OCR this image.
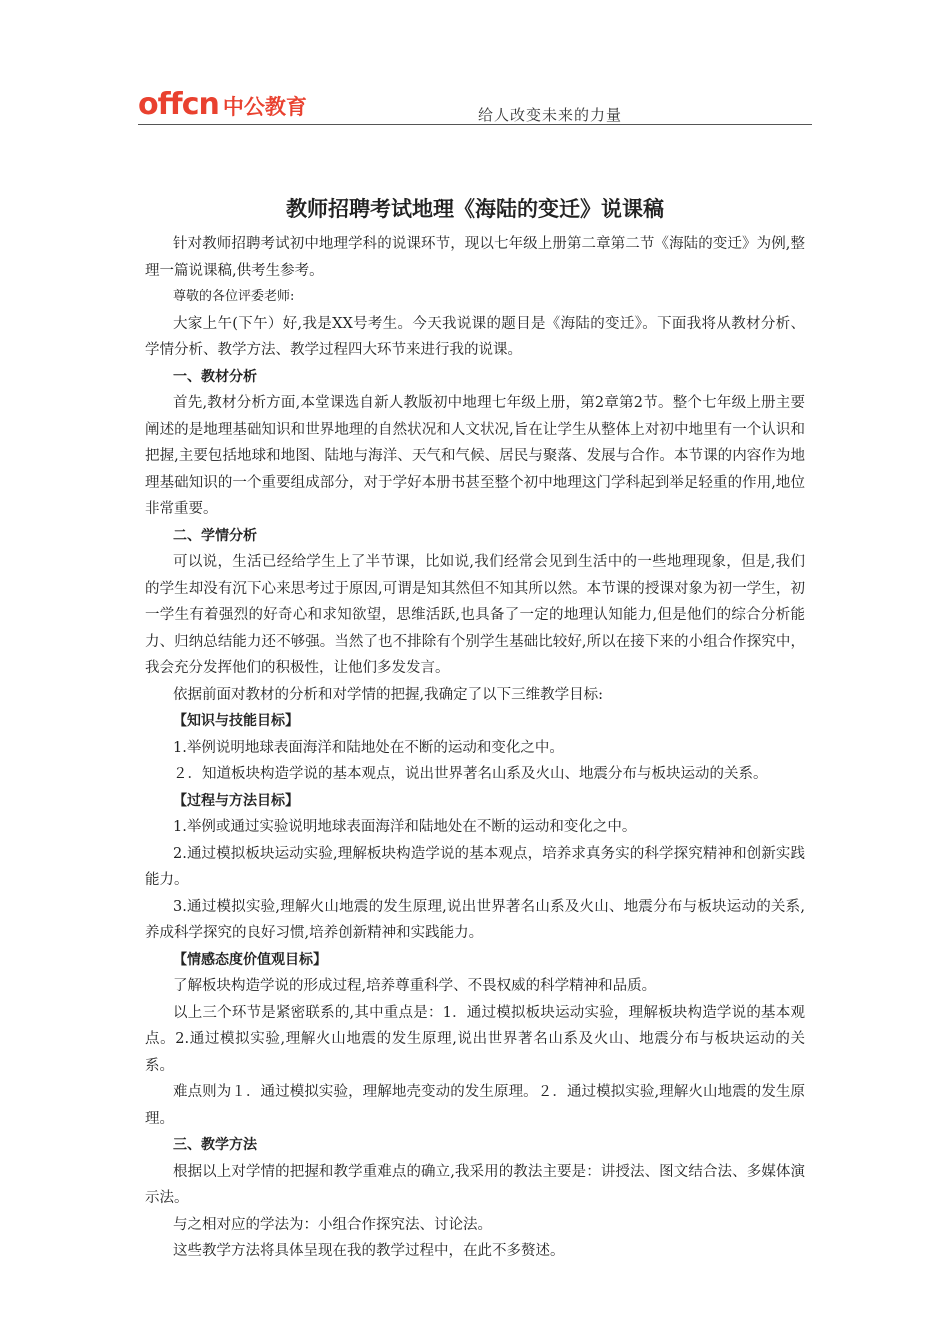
offcn 中公教育	给人改变未来的力量
教师招聘考试地理《海陆的变迁》说课稿

针对教师招聘考试初中地理学科的说课环节，现以七年级上册第二章第二节《海陆的变迁》为例,整理一篇说课稿,供考生参考。

尊敬的各位评委老师:

大家上午(下午）好,我是XX号考生。今天我说课的题目是《海陆的变迁》。下面我将从教材分析、学情分析、教学方法、教学过程四大环节来进行我的说课。

一、教材分析

首先,教材分析方面,本堂课选自新人教版初中地理七年级上册，第2章第2节。整个七年级上册主要阐述的是地理基础知识和世界地理的自然状况和人文状况,旨在让学生从整体上对初中地里有一个认识和把握,主要包括地球和地图、陆地与海洋、天气和气候、居民与聚落、发展与合作。本节课的内容作为地理基础知识的一个重要组成部分，对于学好本册书甚至整个初中地理这门学科起到举足轻重的作用,地位非常重要。

二、学情分析

可以说，生活已经给学生上了半节课，比如说,我们经常会见到生活中的一些地理现象，但是,我们的学生却没有沉下心来思考过于原因,可谓是知其然但不知其所以然。本节课的授课对象为初一学生，初一学生有着强烈的好奇心和求知欲望，思维活跃,也具备了一定的地理认知能力,但是他们的综合分析能力、归纳总结能力还不够强。当然了也不排除有个别学生基础比较好,所以在接下来的小组合作探究中，我会充分发挥他们的积极性，让他们多发发言。

依据前面对教材的分析和对学情的把握,我确定了以下三维教学目标:

【知识与技能目标】

1.举例说明地球表面海洋和陆地处在不断的运动和变化之中。

２．知道板块构造学说的基本观点，说出世界著名山系及火山、地震分布与板块运动的关系。

【过程与方法目标】

1.举例或通过实验说明地球表面海洋和陆地处在不断的运动和变化之中。

2.通过模拟板块运动实验,理解板块构造学说的基本观点，培养求真务实的科学探究精神和创新实践能力。

3.通过模拟实验,理解火山地震的发生原理,说出世界著名山系及火山、地震分布与板块运动的关系,养成科学探究的良好习惯,培养创新精神和实践能力。

【情感态度价值观目标】

了解板块构造学说的形成过程,培养尊重科学、不畏权威的科学精神和品质。

以上三个环节是紧密联系的,其中重点是：1．通过模拟板块运动实验，理解板块构造学说的基本观点。2.通过模拟实验,理解火山地震的发生原理,说出世界著名山系及火山、地震分布与板块运动的关系。

难点则为１．通过模拟实验，理解地壳变动的发生原理。２．通过模拟实验,理解火山地震的发生原理。

三、教学方法

根据以上对学情的把握和教学重难点的确立,我采用的教法主要是：讲授法、图文结合法、多媒体演示法。

与之相对应的学法为：小组合作探究法、讨论法。

这些教学方法将具体呈现在我的教学过程中，在此不多赘述。
